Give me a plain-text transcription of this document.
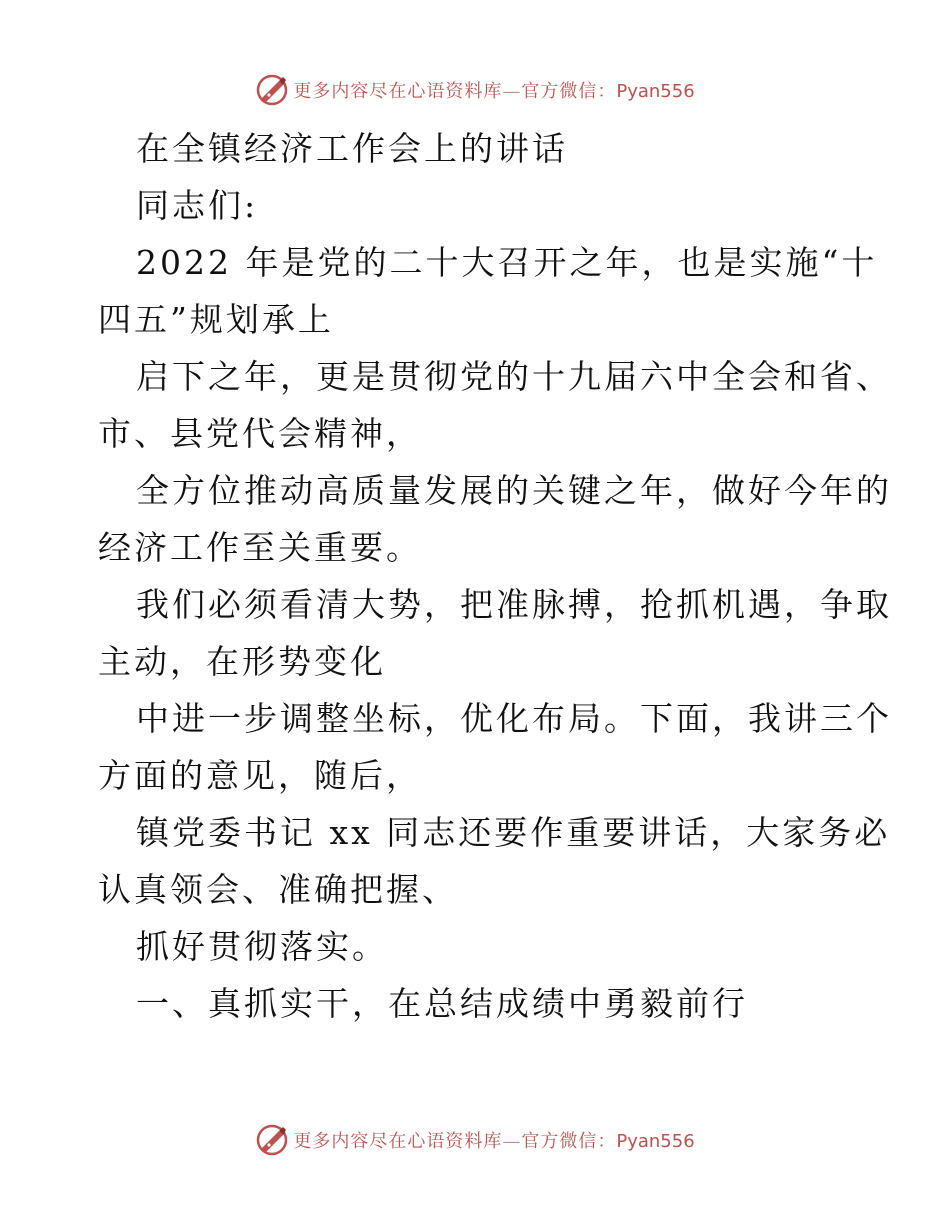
更多内容尽在心语资料库—官方微信：Pyan556
在全镇经济工作会上的讲话
同志们:
2022 年是党的二十大召开之年，也是实施“十
四五”规划承上
启下之年，更是贯彻党的十九届六中全会和省、
市、县党代会精神，
全方位推动高质量发展的关键之年，做好今年的
经济工作至关重要。
我们必须看清大势，把准脉搏，抢抓机遇，争取
主动，在形势变化
中进一步调整坐标，优化布局。下面，我讲三个
方面的意见，随后，
镇党委书记 xx 同志还要作重要讲话，大家务必
认真领会、准确把握、
抓好贯彻落实。
一、真抓实干，在总结成绩中勇毅前行
更多内容尽在心语资料库—官方微信：Pyan556
